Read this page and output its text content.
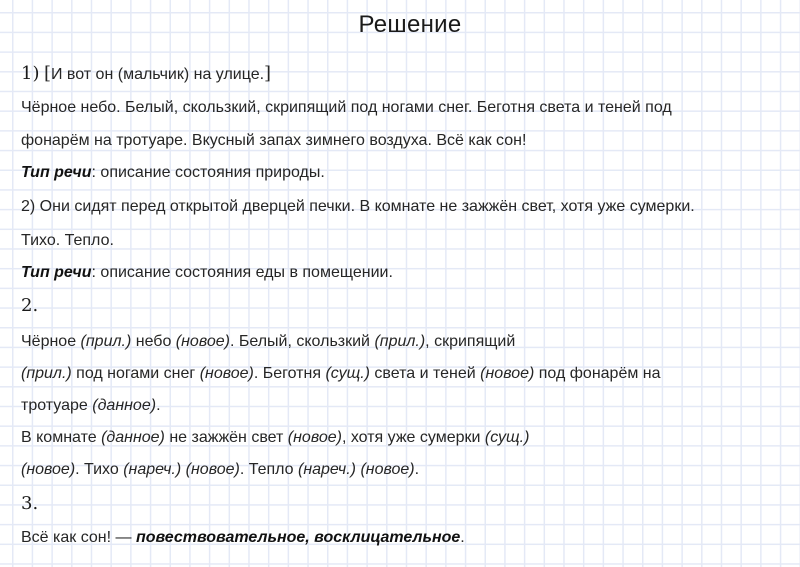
Решение
1) [И вот он (мальчик) на улице.]
Чёрное небо. Белый, скользкий, скрипящий под ногами снег. Беготня света и теней под
фонарём на тротуаре. Вкусный запах зимнего воздуха. Всё как сон!
Тип речи: описание состояния природы.
2) Они сидят перед открытой дверцей печки. В комнате не зажжён свет, хотя уже сумерки.
Тихо. Тепло.
Тип речи: описание состояния еды в помещении.
2.
Чёрное (прил.) небо (новое). Белый, скользкий (прил.), скрипящий
(прил.) под ногами снег (новое). Беготня (сущ.) света и теней (новое) под фонарём на
тротуаре (данное).
В комнате (данное) не зажжён свет (новое), хотя уже сумерки (сущ.)
(новое). Тихо (нареч.) (новое). Тепло (нареч.) (новое).
3.
Всё как сон! — повествовательное, восклицательное.
